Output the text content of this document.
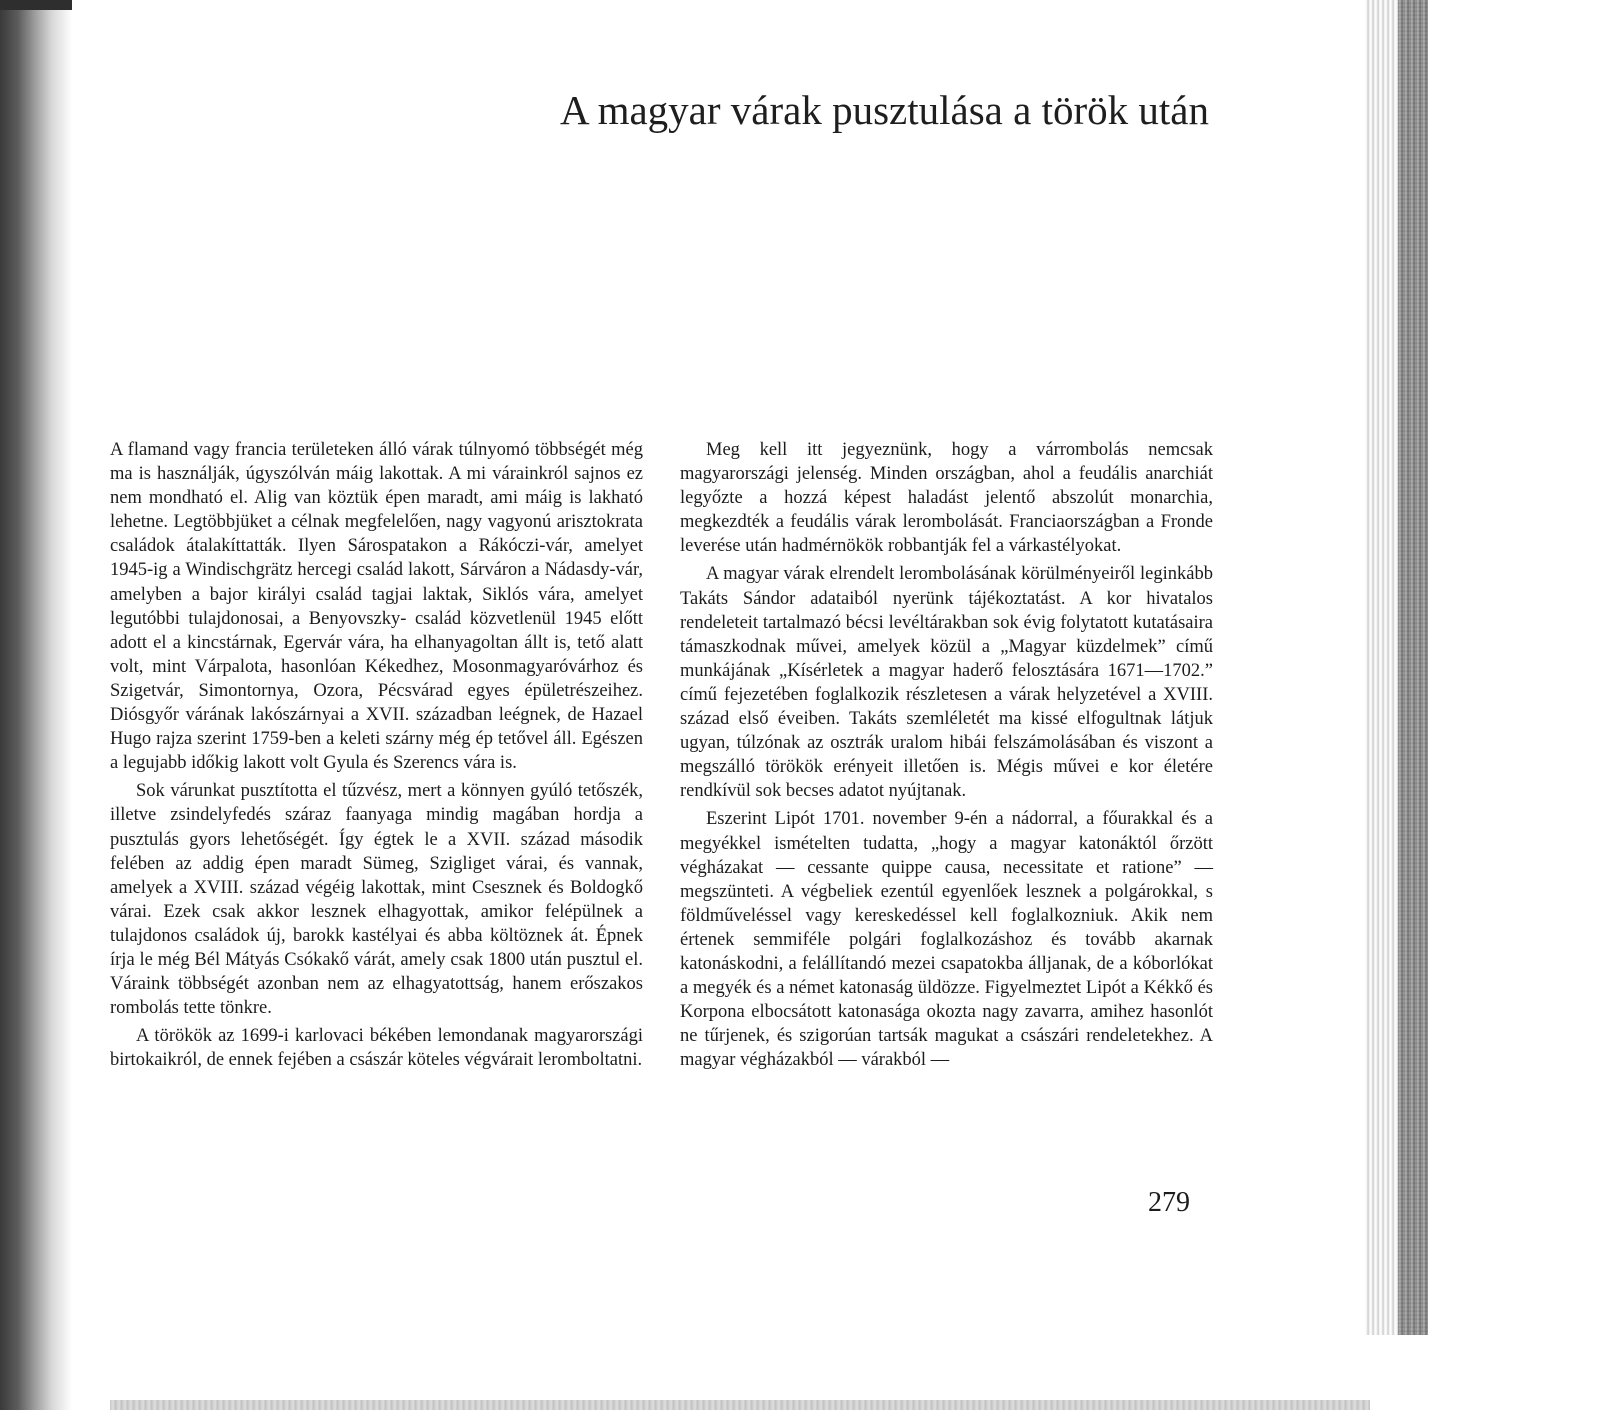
A magyar várak pusztulása a török után

A flamand vagy francia területeken álló várak túlnyomó többségét még ma is használják, úgyszólván máig lakottak. A mi várainkról sajnos ez nem mondható el. Alig van köztük épen maradt, ami máig is lakható lehetne. Legtöbbjüket a célnak megfelelően, nagy vagyonú arisztokrata családok átalakíttatták. Ilyen Sárospatakon a Rákóczi-vár, amelyet 1945-ig a Windischgrätz hercegi család lakott, Sárváron a Nádasdy-vár, amelyben a bajor királyi család tagjai laktak, Siklós vára, amelyet legutóbbi tulajdonosai, a Benyovszky- család közvetlenül 1945 előtt adott el a kincstárnak, Egervár vára, ha elhanyagoltan állt is, tető alatt volt, mint Várpalota, hasonlóan Kékedhez, Mosonmagyaróvárhoz és Szigetvár, Simontornya, Ozora, Pécsvárad egyes épületrészeihez. Diósgyőr várának lakószárnyai a XVII. században leégnek, de Hazael Hugo rajza szerint 1759-ben a keleti szárny még ép tetővel áll. Egészen a legujabb időkig lakott volt Gyula és Szerencs vára is.

Sok várunkat pusztította el tűzvész, mert a könnyen gyúló tetőszék, illetve zsindelyfedés száraz faanyaga mindig magában hordja a pusztulás gyors lehetőségét. Így égtek le a XVII. század második felében az addig épen maradt Sümeg, Szigliget várai, és vannak, amelyek a XVIII. század végéig lakottak, mint Csesznek és Boldogkő várai. Ezek csak akkor lesznek elhagyottak, amikor felépülnek a tulajdonos családok új, barokk kastélyai és abba költöznek át. Épnek írja le még Bél Mátyás Csókakő várát, amely csak 1800 után pusztul el. Váraink többségét azonban nem az elhagyatottság, hanem erőszakos rombolás tette tönkre.

A törökök az 1699-i karlovaci békében lemondanak magyarországi birtokaikról, de ennek fejében a császár köteles végvárait leromboltatni.

Meg kell itt jegyeznünk, hogy a várrombolás nemcsak magyarországi jelenség. Minden országban, ahol a feudális anarchiát legyőzte a hozzá képest haladást jelentő abszolút monarchia, megkezdték a feudális várak lerombolását. Franciaországban a Fronde leverése után hadmérnökök robbantják fel a várkastélyokat.

A magyar várak elrendelt lerombolásának körülményeiről leginkább Takáts Sándor adataiból nyerünk tájékoztatást. A kor hivatalos rendeleteit tartalmazó bécsi levéltárakban sok évig folytatott kutatásaira támaszkodnak művei, amelyek közül a „Magyar küzdelmek” című munkájának „Kísérletek a magyar haderő felosztására 1671—1702.” című fejezetében foglalkozik részletesen a várak helyzetével a XVIII. század első éveiben. Takáts szemléletét ma kissé elfogultnak látjuk ugyan, túlzónak az osztrák uralom hibái felszámolásában és viszont a megszálló törökök erényeit illetően is. Mégis művei e kor életére rendkívül sok becses adatot nyújtanak.

Eszerint Lipót 1701. november 9-én a nádorral, a főurakkal és a megyékkel ismételten tudatta, „hogy a magyar katonáktól őrzött végházakat — cessante quippe causa, necessitate et ratione” — megszünteti. A végbeliek ezentúl egyenlőek lesznek a polgárokkal, s földműveléssel vagy kereskedéssel kell foglalkozniuk. Akik nem értenek semmiféle polgári foglalkozáshoz és tovább akarnak katonáskodni, a felállítandó mezei csapatokba álljanak, de a kóborlókat a megyék és a német katonaság üldözze. Figyelmeztet Lipót a Kékkő és Korpona elbocsátott katonasága okozta nagy zavarra, amihez hasonlót ne tűrjenek, és szigorúan tartsák magukat a császári rendeletekhez. A magyar végházakból — várakból —

279
